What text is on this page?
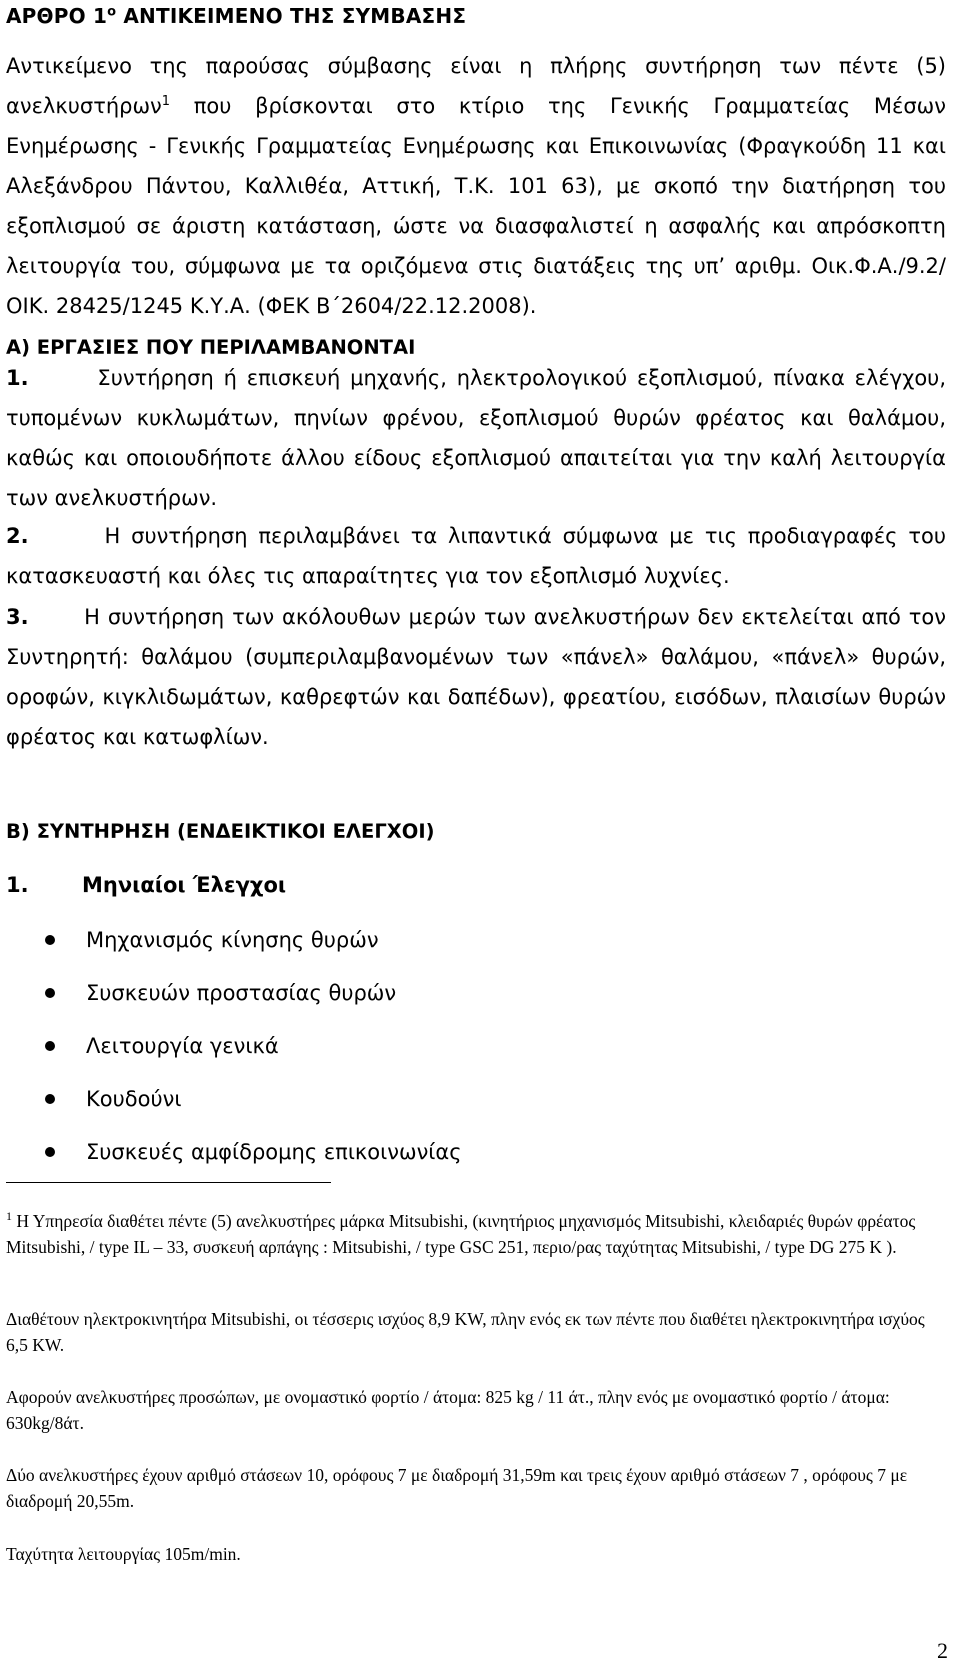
ΑΡΘΡΟ $1^o$ ΑΝΤΙΚΕΙΜΕΝΟ ΤΗΣ ΣΥΜΒΑΣΗΣ
Αντικείμενο της παρούσας σύμβασης είναι η πλήρης συντήρηση των πέντε (5) ανελκυστήρων$^1$ που βρίσκονται στο κτίριο της Γενικής Γραμματείας Μέσων Ενημέρωσης - Γενικής Γραμματείας Ενημέρωσης και Επικοινωνίας (Φραγκούδη 11 και Αλεξάνδρου Πάντου, Καλλιθέα, Αττική, Τ.Κ. 101 63), με σκοπό την διατήρηση του εξοπλισμού σε άριστη κατάσταση, ώστε να διασφαλιστεί η ασφαλής και απρόσκοπτη λειτουργία του, σύμφωνα με τα οριζόμενα στις διατάξεις της υπ’ αριθμ. Οικ.Φ.Α./9.2/ΟΙΚ. 28425/1245 Κ.Υ.Α. (ΦΕΚ Β΄2604/22.12.2008).
Α) ΕΡΓΑΣΙΕΣ ΠΟΥ ΠΕΡΙΛΑΜΒΑΝΟΝΤΑΙ
1.	Συντήρηση ή επισκευή μηχανής, ηλεκτρολογικού εξοπλισμού, πίνακα ελέγχου, τυπομένων κυκλωμάτων, πηνίων φρένου, εξοπλισμού θυρών φρέατος και θαλάμου, καθώς και οποιουδήποτε άλλου είδους εξοπλισμού απαιτείται για την καλή λειτουργία των ανελκυστήρων.
2.	Η συντήρηση περιλαμβάνει τα λιπαντικά σύμφωνα με τις προδιαγραφές του κατασκευαστή και όλες τις απαραίτητες για τον εξοπλισμό λυχνίες.
3.	Η συντήρηση των ακόλουθων μερών των ανελκυστήρων δεν εκτελείται από τον Συντηρητή: θαλάμου (συμπεριλαμβανομένων των «πάνελ» θαλάμου, «πάνελ» θυρών, οροφών, κιγκλιδωμάτων, καθρεφτών και δαπέδων), φρεατίου, εισόδων, πλαισίων θυρών φρέατος και κατωφλίων.
Β) ΣΥΝΤΗΡΗΣΗ (ΕΝΔΕΙΚΤΙΚΟΙ ΕΛΕΓΧΟΙ)
1.	Μηνιαίοι Έλεγχοι
Μηχανισμός κίνησης θυρών
Συσκευών προστασίας θυρών
Λειτουργία γενικά
Κουδούνι
Συσκευές αμφίδρομης επικοινωνίας
$^1$ Η Υπηρεσία διαθέτει πέντε (5) ανελκυστήρες μάρκα Mitsubishi, (κινητήριος μηχανισμός Mitsubishi, κλειδαριές θυρών φρέατος Mitsubishi, / type IL – 33, συσκευή αρπάγης : Mitsubishi, / type GSC 251, περιο/ρας ταχύτητας Mitsubishi, / type DG 275 K ).
Διαθέτουν ηλεκτροκινητήρα Mitsubishi, οι τέσσερις ισχύος 8,9 KW, πλην ενός εκ των πέντε που διαθέτει ηλεκτροκινητήρα ισχύος 6,5 KW.
Αφορούν ανελκυστήρες προσώπων, με ονομαστικό φορτίο / άτομα: 825 kg / 11 άτ., πλην ενός με ονομαστικό φορτίο / άτομα: 630kg/8άτ.
Δύο ανελκυστήρες έχουν αριθμό στάσεων 10, ορόφους 7 με διαδρομή 31,59m και τρεις έχουν αριθμό στάσεων 7 , ορόφους 7 με διαδρομή 20,55m.
Ταχύτητα λειτουργίας 105m/min.
2
